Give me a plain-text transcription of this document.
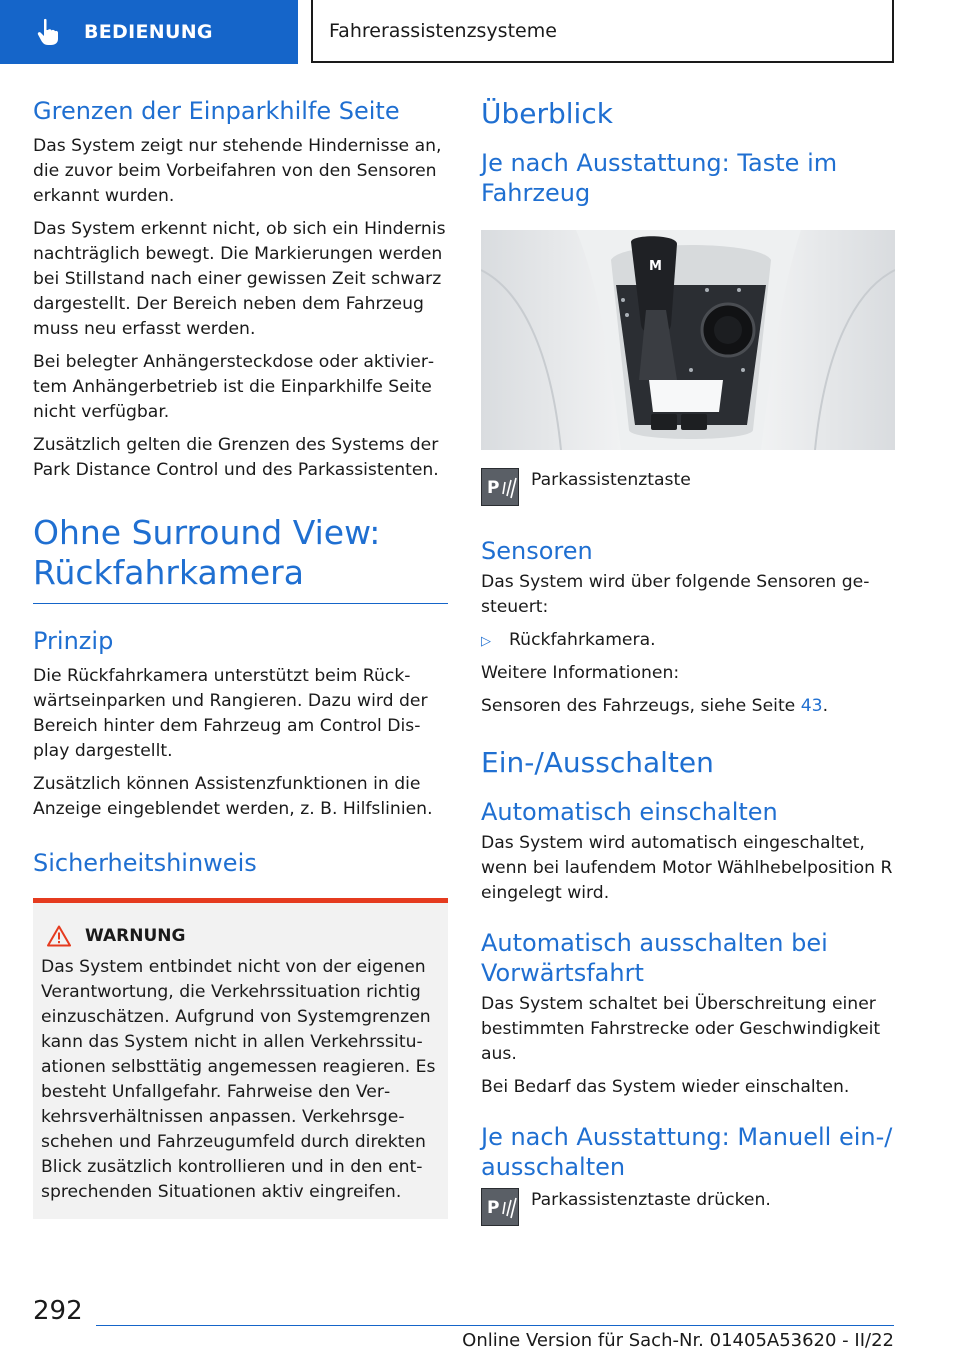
BEDIENUNG	Fahrerassistenzsysteme
Grenzen der Einparkhilfe Seite

Das System zeigt nur stehende Hindernisse an, die zuvor beim Vorbeifahren von den Sensoren erkannt wurden.

Das System erkennt nicht, ob sich ein Hindernis nachträglich bewegt. Die Markierungen werden bei Stillstand nach einer gewissen Zeit schwarz dargestellt. Der Bereich neben dem Fahrzeug muss neu erfasst werden.

Bei belegter Anhängersteckdose oder aktiviertem Anhängerbetrieb ist die Einparkhilfe Seite nicht verfügbar.

Zusätzlich gelten die Grenzen des Systems der Park Distance Control und des Parkassistenten.

Ohne Surround View: Rückfahrkamera
Prinzip

Die Rückfahrkamera unterstützt beim Rückwärtseinparken und Rangieren. Dazu wird der Bereich hinter dem Fahrzeug am Control Display dargestellt.

Zusätzlich können Assistenzfunktionen in die Anzeige eingeblendet werden, z. B. Hilfslinien.

Sicherheitshinweis
WARNUNG

Das System entbindet nicht von der eigenen Verantwortung, die Verkehrssituation richtig einzuschätzen. Aufgrund von Systemgrenzen kann das System nicht in allen Verkehrssituationen selbsttätig angemessen reagieren. Es besteht Unfallgefahr. Fahrweise den Verkehrsverhältnissen anpassen. Verkehrsgeschehen und Fahrzeugumfeld durch direkten Blick zusätzlich kontrollieren und in den entsprechenden Situationen aktiv eingreifen.

Überblick
Je nach Ausstattung: Taste im Fahrzeug
M
P Parkassistenztaste
Sensoren

Das System wird über folgende Sensoren gesteuert:

▷	Rückfahrkamera.

Weitere Informationen:

Sensoren des Fahrzeugs, siehe Seite 43.

Ein-/Ausschalten
Automatisch einschalten

Das System wird automatisch eingeschaltet, wenn bei laufendem Motor Wählhebelposition R eingelegt wird.

Automatisch ausschalten bei Vorwärtsfahrt

Das System schaltet bei Überschreitung einer bestimmten Fahrstrecke oder Geschwindigkeit aus.

Bei Bedarf das System wieder einschalten.

Je nach Ausstattung: Manuell ein-/ ausschalten
P Parkassistenztaste drücken.
292
Online Version für Sach-Nr. 01405A53620 - II/22
